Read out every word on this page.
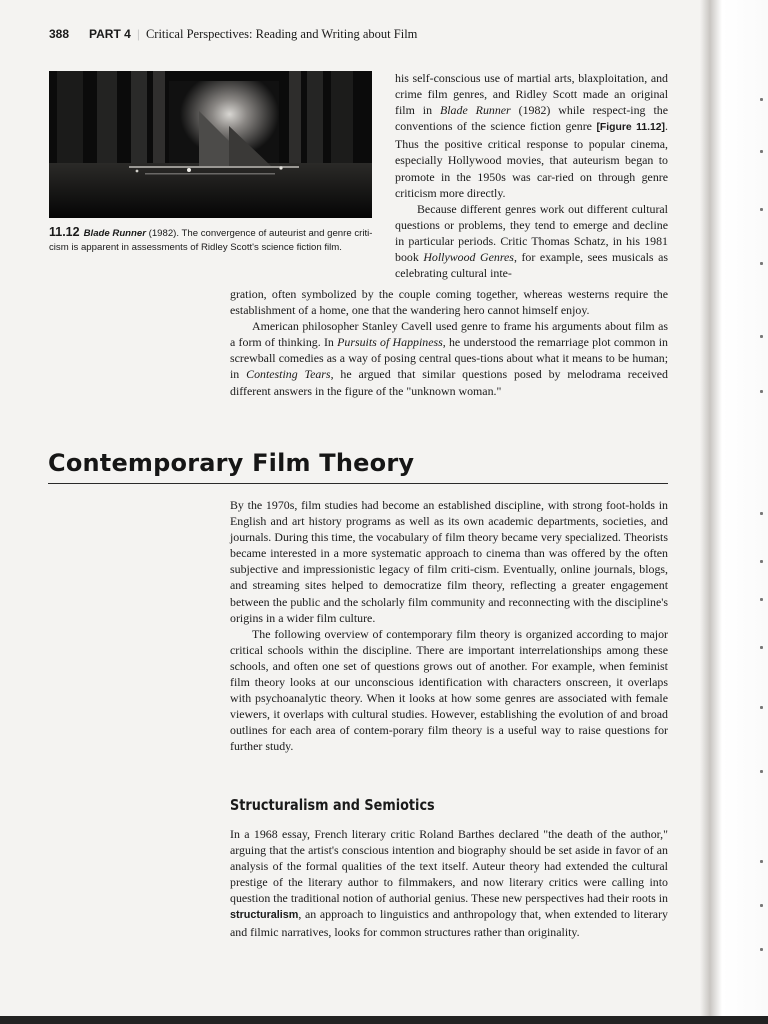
388 PART 4 | Critical Perspectives: Reading and Writing about Film
11.12 Blade Runner (1982). The convergence of auteurist and genre criti-cism is apparent in assessments of Ridley Scott's science fiction film.

his self-conscious use of martial arts, blaxploitation, and crime film genres, and Ridley Scott made an original film in Blade Runner (1982) while respect-ing the conventions of the science fiction genre [Figure 11.12]. Thus the positive critical response to popular cinema, especially Hollywood movies, that auteurism began to promote in the 1950s was car-ried on through genre criticism more directly.

Because different genres work out different cultural questions or problems, they tend to emerge and decline in particular periods. Critic Thomas Schatz, in his 1981 book Hollywood Genres, for example, sees musicals as celebrating cultural inte-

gration, often symbolized by the couple coming together, whereas westerns require the establishment of a home, one that the wandering hero cannot himself enjoy.

American philosopher Stanley Cavell used genre to frame his arguments about film as a form of thinking. In Pursuits of Happiness, he understood the remarriage plot common in screwball comedies as a way of posing central ques-tions about what it means to be human; in Contesting Tears, he argued that similar questions posed by melodrama received different answers in the figure of the "unknown woman."

Contemporary Film Theory

By the 1970s, film studies had become an established discipline, with strong foot-holds in English and art history programs as well as its own academic departments, societies, and journals. During this time, the vocabulary of film theory became very specialized. Theorists became interested in a more systematic approach to cinema than was offered by the often subjective and impressionistic legacy of film criti-cism. Eventually, online journals, blogs, and streaming sites helped to democratize film theory, reflecting a greater engagement between the public and the scholarly film community and reconnecting with the discipline's origins in a wider film culture.

The following overview of contemporary film theory is organized according to major critical schools within the discipline. There are important interrelationships among these schools, and often one set of questions grows out of another. For example, when feminist film theory looks at our unconscious identification with characters onscreen, it overlaps with psychoanalytic theory. When it looks at how some genres are associated with female viewers, it overlaps with cultural studies. However, establishing the evolution of and broad outlines for each area of contem-porary film theory is a useful way to raise questions for further study.

Structuralism and Semiotics

In a 1968 essay, French literary critic Roland Barthes declared "the death of the author," arguing that the artist's conscious intention and biography should be set aside in favor of an analysis of the formal qualities of the text itself. Auteur theory had extended the cultural prestige of the literary author to filmmakers, and now literary critics were calling into question the traditional notion of authorial genius. These new perspectives had their roots in structuralism, an approach to linguistics and anthropology that, when extended to literary and filmic narratives, looks for common structures rather than originality.
